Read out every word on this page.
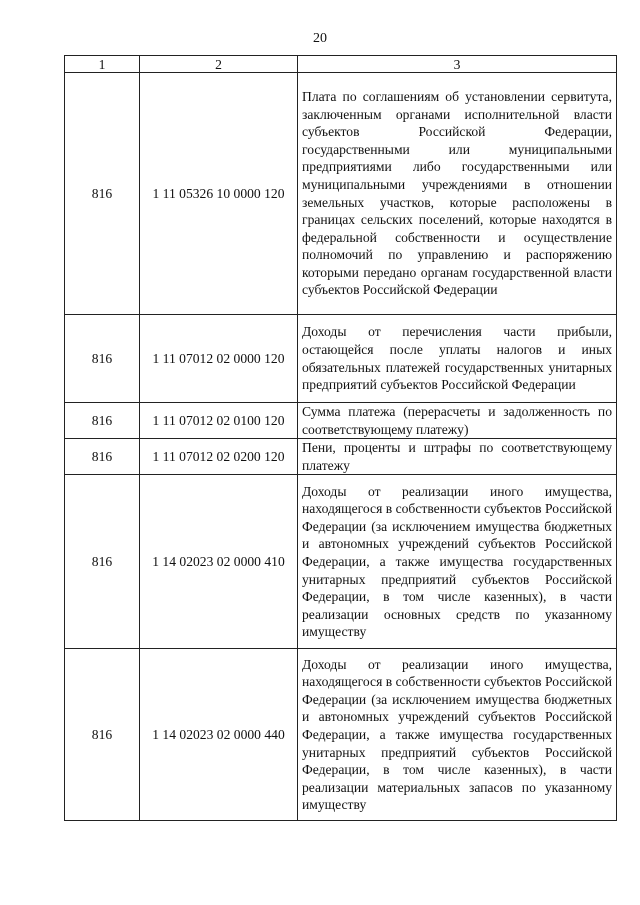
20
1	2	3
816	1 11 05326 10 0000 120	Плата по соглашениям об установлении сервитута, заключенным органами исполнительной власти субъектов Российской Федерации, государственными или муниципальными предприятиями либо государственными или муниципальными учреждениями в отношении земельных участков, которые расположены в границах сельских поселений, которые находятся в федеральной собственности и осуществление полномочий по управлению и распоряжению которыми передано органам государственной власти субъектов Российской Федерации
816	1 11 07012 02 0000 120	Доходы от перечисления части прибыли, остающейся после уплаты налогов и иных обязательных платежей государственных унитарных предприятий субъектов Российской Федерации
816	1 11 07012 02 0100 120	Сумма платежа (перерасчеты и задолженность по соответствующему платежу)
816	1 11 07012 02 0200 120	Пени, проценты и штрафы по соответствующему платежу
816	1 14 02023 02 0000 410	Доходы от реализации иного имущества, находящегося в собственности субъектов Российской Федерации (за исключением имущества бюджетных и автономных учреждений субъектов Российской Федерации, а также имущества государственных унитарных предприятий субъектов Российской Федерации, в том числе казенных), в части реализации основных средств по указанному имуществу
816	1 14 02023 02 0000 440	Доходы от реализации иного имущества, находящегося в собственности субъектов Российской Федерации (за исключением имущества бюджетных и автономных учреждений субъектов Российской Федерации, а также имущества государственных унитарных предприятий субъектов Российской Федерации, в том числе казенных), в части реализации материальных запасов по указанному имуществу
